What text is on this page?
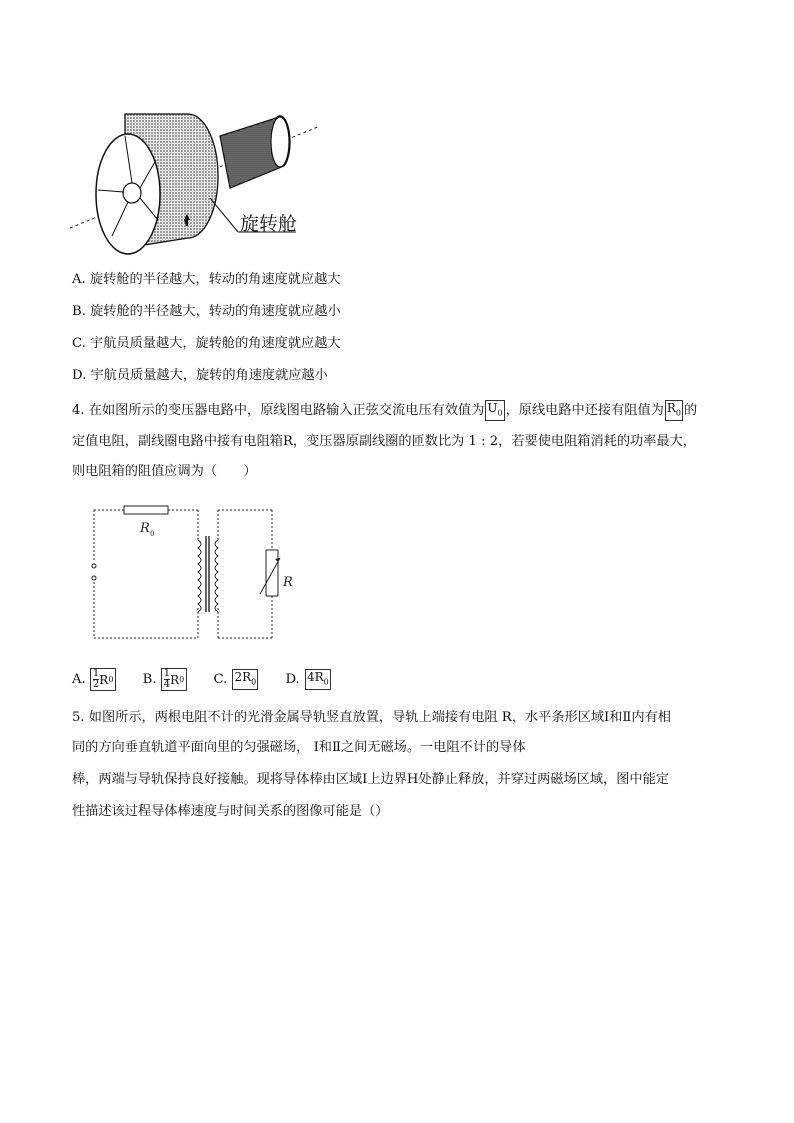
旋转舱
A. 旋转舱的半径越大，转动的角速度就应越大
B. 旋转舱的半径越大，转动的角速度就应越小
C. 宇航员质量越大，旋转舱的角速度就应越大
D. 宇航员质量越大，旋转的角速度就应越小
4. 在如图所示的变压器电路中，原线图电路输入正弦交流电压有效值为 $U_0$ ，原线电路中还接有阻值为 $R_0$ 的
定值电阻，副线圈电路中接有电阻箱R，变压器原副线圈的匝数比为 1 : 2，若要使电阻箱消耗的功率最大，
则电阻箱的阻值应调为（　　）
R 0
R
A.
1
2 R 0
B.
1
4 R 0
C.
$2R_0$
D.
$4R_0$
5. 如图所示，两根电阻不计的光滑金属导轨竖直放置，导轨上端接有电阻 R，水平条形区域Ⅰ和Ⅱ内有相
同的方向垂直轨道平面向里的匀强磁场， Ⅰ和Ⅱ之间无磁场。一电阻不计的导体
棒，两端与导轨保持良好接触。现将导体棒由区域Ⅰ上边界H处静止释放，并穿过两磁场区域，图中能定
性描述该过程导体棒速度与时间关系的图像可能是（）
